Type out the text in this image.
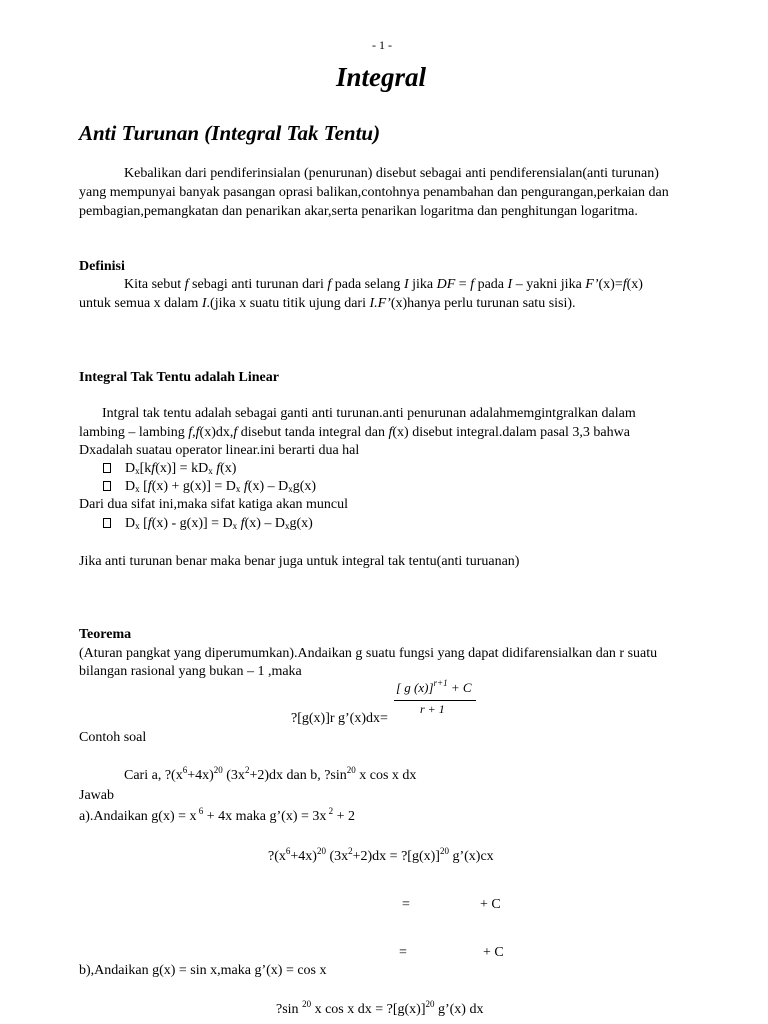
- 1 -
Integral
Anti Turunan (Integral Tak Tentu)
Kebalikan dari pendiferinsialan (penurunan) disebut sebagai anti pendiferensialan(anti turunan)
yang mempunyai banyak pasangan oprasi balikan,contohnya penambahan dan pengurangan,perkaian dan
pembagian,pemangkatan dan penarikan akar,serta penarikan logaritma dan penghitungan logaritma.
Definisi
Kita sebut f sebagi anti turunan dari f pada selang I jika DF = f pada I – yakni jika F’(x)=f(x)
untuk semua x dalam I.(jika x suatu titik ujung dari I.F’(x)hanya perlu turunan satu sisi).
Integral Tak Tentu adalah Linear
Intgral tak tentu adalah sebagai ganti anti turunan.anti penurunan adalahmemgintgralkan dalam
lambing – lambing f,f(x)dx,f disebut tanda integral dan f(x) disebut integral.dalam pasal 3,3 bahwa
Dxadalah suatau operator linear.ini berarti dua hal
$D_x[kf(x)] = kD_x$ f(x)
$D_x$ $[f(x) + g(x)] = D_x$ $f(x) - D_xg(x)$
Dari dua sifat ini,maka sifat katiga akan muncul
$D_x$ $[f(x) - g(x)] = D_x$ $f(x) - D_xg(x)$
Jika anti turunan benar maka benar juga untuk integral tak tentu(anti turuanan)
Teorema
(Aturan pangkat yang diperumumkan).Andaikan g suatu fungsi yang dapat didifarensialkan dan r suatu
bilangan rasional yang bukan – 1 ,maka
[ g (x)]$^{r+1}$ + C
r + 1
?[g(x)]r g’(x)dx=
Contoh soal
Cari a, $?(x^6+4x)^{20}$ $(3x^2+2)dx$ dan b, $?\sin^{20}$ x cos x dx
Jawab
a).Andaikan g(x) = x $^6$ + 4x maka g’(x) = 3x $^2$ + 2
$?(x^6+4x)^{20}$ $(3x^2+2)dx$ = $?[g(x)]^{20}$ g’(x)cx
=	+ C
=	+ C
b),Andaikan g(x) = sin x,maka g’(x) = cos x
?sin $^{20}$ x cos x dx = $?[g(x)]^{20}$ g’(x) dx
